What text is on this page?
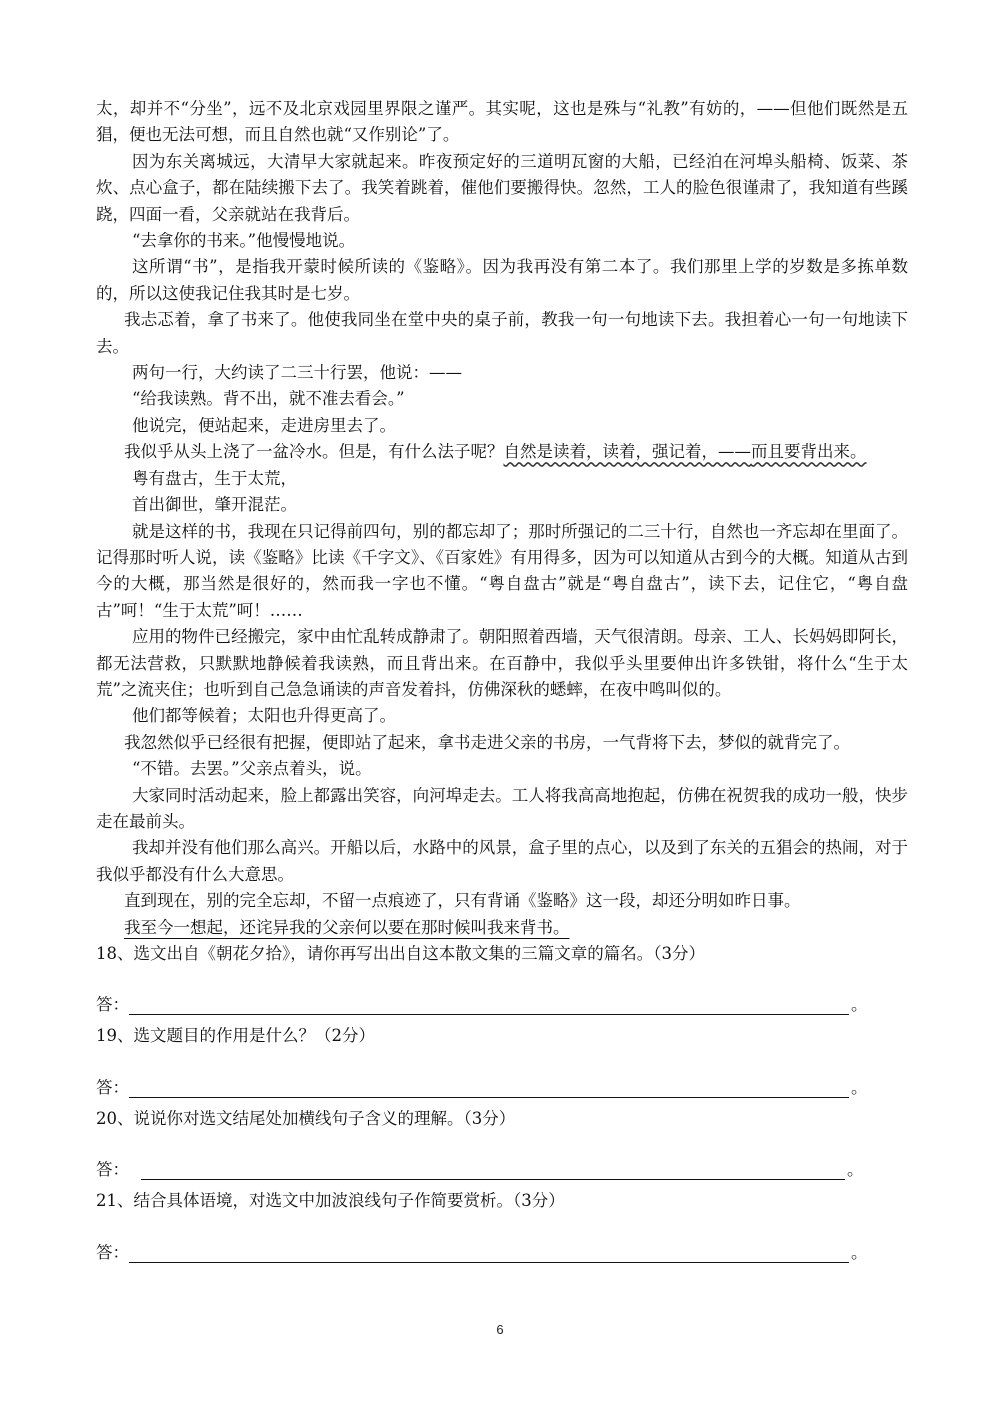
太，却并不“分坐”，远不及北京戏园里界限之谨严。其实呢，这也是殊与“礼教”有妨的，——但他们既然是五猖，便也无法可想，而且自然也就“又作别论”了。

因为东关离城远，大清早大家就起来。昨夜预定好的三道明瓦窗的大船，已经泊在河埠头船椅、饭菜、茶炊、点心盒子，都在陆续搬下去了。我笑着跳着，催他们要搬得快。忽然，工人的脸色很谨肃了，我知道有些蹊跷，四面一看，父亲就站在我背后。

“去拿你的书来。”他慢慢地说。

这所谓“书”，是指我开蒙时候所读的《鉴略》。因为我再没有第二本了。我们那里上学的岁数是多拣单数的，所以这使我记住我其时是七岁。

我忐忑着，拿了书来了。他使我同坐在堂中央的桌子前，教我一句一句地读下去。我担着心一句一句地读下去。

两句一行，大约读了二三十行罢，他说：——

“给我读熟。背不出，就不准去看会。”

他说完，便站起来，走进房里去了。

我似乎从头上浇了一盆冷水。但是，有什么法子呢？自然是读着，读着，强记着，——而且要背出来。

粤有盘古，生于太荒，

首出御世，肇开混茫。

就是这样的书，我现在只记得前四句，别的都忘却了；那时所强记的二三十行，自然也一齐忘却在里面了。记得那时听人说，读《鉴略》比读《千字文》、《百家姓》有用得多，因为可以知道从古到今的大概。知道从古到今的大概，那当然是很好的，然而我一字也不懂。“粤自盘古”就是“粤自盘古”，读下去，记住它，“粤自盘古”呵！“生于太荒”呵！……

应用的物件已经搬完，家中由忙乱转成静肃了。朝阳照着西墙，天气很清朗。母亲、工人、长妈妈即阿长，都无法营救，只默默地静候着我读熟，而且背出来。在百静中，我似乎头里要伸出许多铁钳，将什么“生于太荒”之流夹住；也听到自己急急诵读的声音发着抖，仿佛深秋的蟋蟀，在夜中鸣叫似的。

他们都等候着；太阳也升得更高了。

我忽然似乎已经很有把握，便即站了起来，拿书走进父亲的书房，一气背将下去，梦似的就背完了。

“不错。去罢。”父亲点着头，说。

大家同时活动起来，脸上都露出笑容，向河埠走去。工人将我高高地抱起，仿佛在祝贺我的成功一般，快步走在最前头。

我却并没有他们那么高兴。开船以后，水路中的风景，盒子里的点心，以及到了东关的五猖会的热闹，对于我似乎都没有什么大意思。

直到现在，别的完全忘却，不留一点痕迹了，只有背诵《鉴略》这一段，却还分明如昨日事。

我至今一想起，还诧异我的父亲何以要在那时候叫我来背书。

18、选文出自《朝花夕拾》，请你再写出出自这本散文集的三篇文章的篇名。（3分）

答：	。

19、选文题目的作用是什么？（2分）

答：	。

20、说说你对选文结尾处加横线句子含义的理解。（3分）

答：	。

21、结合具体语境，对选文中加波浪线句子作简要赏析。（3分）

答：	。
6
